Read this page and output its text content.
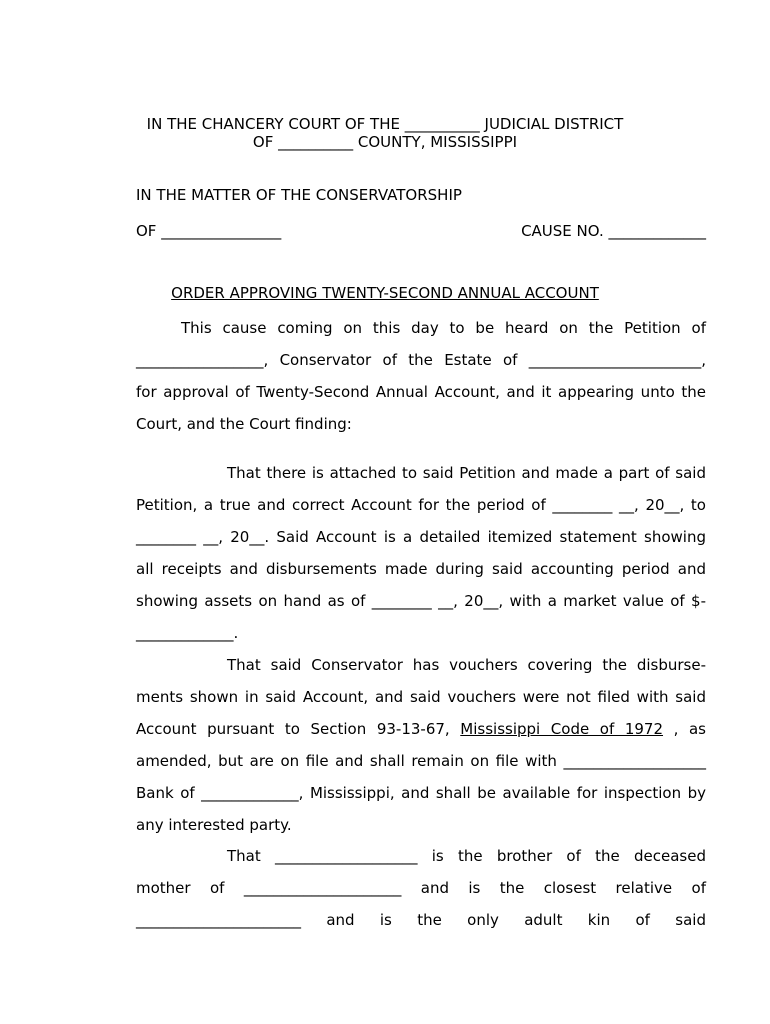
IN THE CHANCERY COURT OF THE __________ JUDICIAL DISTRICT
OF __________ COUNTY, MISSISSIPPI
IN THE MATTER OF THE CONSERVATORSHIP
OF ________________	CAUSE NO. _____________
ORDER APPROVING TWENTY-SECOND ANNUAL ACCOUNT
This cause coming on this day to be heard on the Petition of
_________________, Conservator of the Estate of _______________________,
for approval of Twenty-Second Annual Account, and it appearing unto the
Court, and the Court finding:
That there is attached to said Petition and made a part of said
Petition, a true and correct Account for the period of ________ __, 20__, to
________ __, 20__. Said Account is a detailed itemized statement showing
all receipts and disbursements made during said accounting period and
showing assets on hand as of ________ __, 20__, with a market value of $-
_____________.
That said Conservator has vouchers covering the disburse-
ments shown in said Account, and said vouchers were not filed with said
Account pursuant to Section 93-13-67, Mississippi Code of 1972 , as
amended, but are on file and shall remain on file with ___________________
Bank of _____________, Mississippi, and shall be available for inspection by
any interested party.
That ___________________ is the brother of the deceased
mother of _____________________ and is the closest relative of
______________________ and is the only adult kin of said
